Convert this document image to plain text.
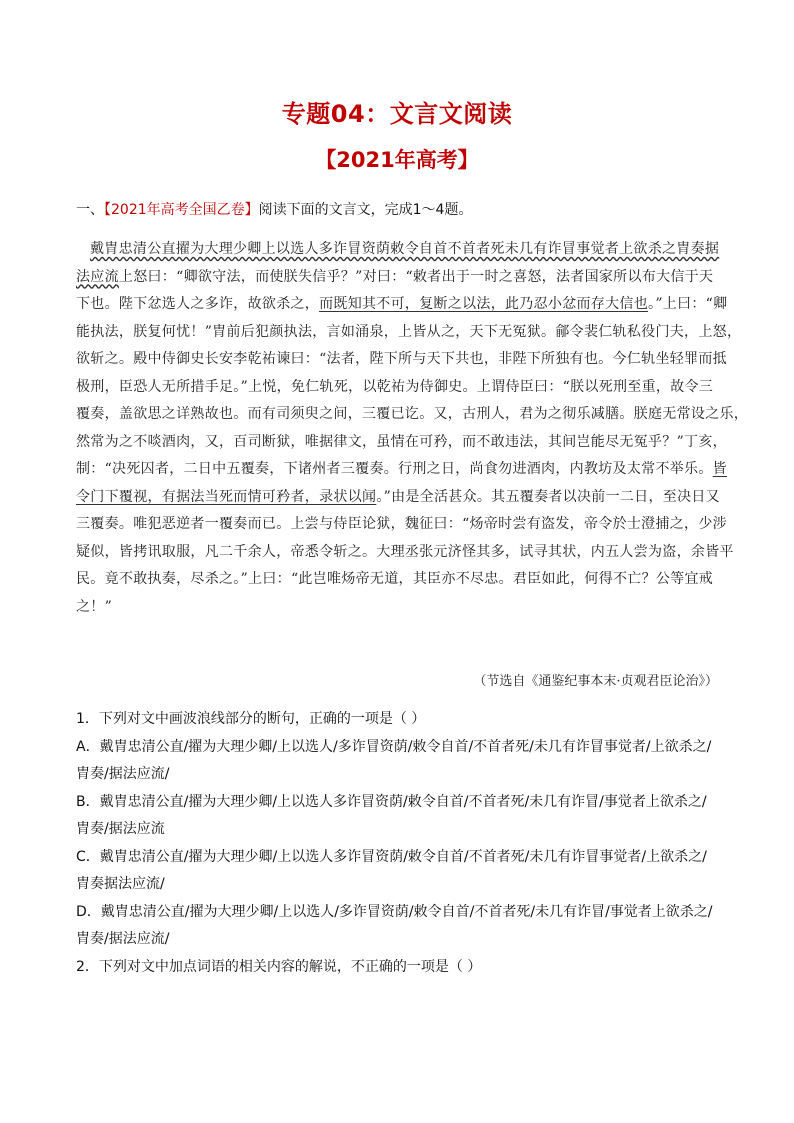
专题04：文言文阅读
【2021年高考】
一、【2021年高考全国乙卷】阅读下面的文言文，完成1～4题。
戴胄忠清公直擢为大理少卿上以选人多诈冒资荫敕令自首不首者死未几有诈冒事觉者上欲杀之胄奏据
法应流上怒曰：“卿欲守法，而使朕失信乎？”对曰：“敕者出于一时之喜怒，法者国家所以布大信于天
下也。陛下忿选人之多诈，故欲杀之，而既知其不可，复断之以法，此乃忍小忿而存大信也。”上曰：“卿
能执法，朕复何忧！”胄前后犯颜执法，言如涌泉，上皆从之，天下无冤狱。鄃令裴仁轨私役门夫，上怒，
欲斩之。殿中侍御史长安李乾祐谏曰：“法者，陛下所与天下共也，非陛下所独有也。今仁轨坐轻罪而抵
极刑，臣恐人无所措手足。”上悦，免仁轨死，以乾祐为侍御史。上谓侍臣曰：“朕以死刑至重，故令三
覆奏，盖欲思之详熟故也。而有司须臾之间，三覆已讫。又，古刑人，君为之彻乐减膳。朕庭无常设之乐，
然常为之不啖酒肉，又，百司断狱，唯据律文，虽情在可矜，而不敢违法，其间岂能尽无冤乎？”丁亥，
制：“决死囚者，二日中五覆奏，下诸州者三覆奏。行刑之日，尚食勿进酒肉，内教坊及太常不举乐。皆
令门下覆视，有据法当死而情可矜者，录状以闻。”由是全活甚众。其五覆奏者以决前一二日，至决日又
三覆奏。唯犯恶逆者一覆奏而已。上尝与侍臣论狱，魏征曰：“炀帝时尝有盗发，帝令於士澄捕之，少涉
疑似，皆拷讯取服，凡二千余人，帝悉令斩之。大理丞张元济怪其多，试寻其状，内五人尝为盗，余皆平
民。竟不敢执奏，尽杀之。”上曰：“此岂唯炀帝无道，其臣亦不尽忠。君臣如此，何得不亡？公等宜戒
之！”
（节选自《通鉴纪事本末·贞观君臣论治》）
1．下列对文中画波浪线部分的断句，正确的一项是（ ）
A．戴胄忠清公直/擢为大理少卿/上以选人/多诈冒资荫/敕令自首/不首者死/未几有诈冒事觉者/上欲杀之/
胄奏/据法应流/
B．戴胄忠清公直/擢为大理少卿/上以选人多诈冒资荫/敕令自首/不首者死/未几有诈冒/事觉者上欲杀之/
胄奏/据法应流
C．戴胄忠清公直/擢为大理少卿/上以选人多诈冒资荫/敕令自首/不首者死/未几有诈冒事觉者/上欲杀之/
胄奏据法应流/
D．戴胄忠清公直/擢为大理少卿/上以选人/多诈冒资荫/敕令自首/不首者死/未几有诈冒/事觉者上欲杀之/
胄奏/据法应流/
2．下列对文中加点词语的相关内容的解说，不正确的一项是（ ）
